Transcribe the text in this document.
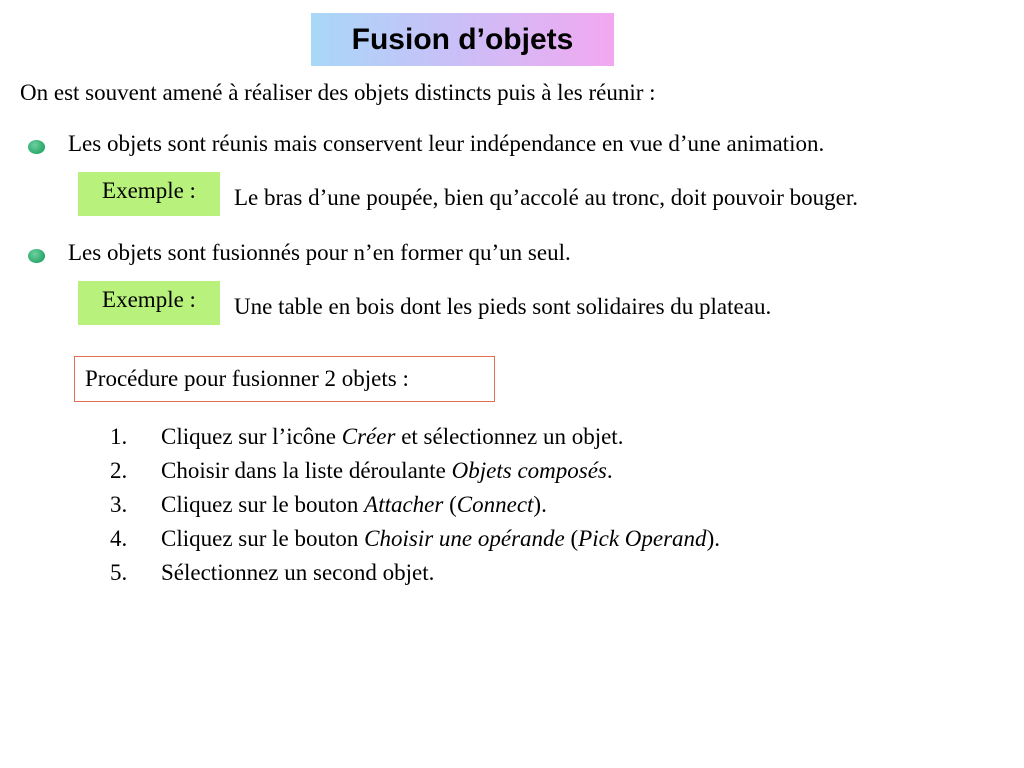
Fusion d’objets
On est souvent amené à réaliser des objets distincts puis à les réunir :
Les objets sont réunis mais conservent leur indépendance en vue d’une animation.
Exemple :	Le bras d’une poupée, bien qu’accolé au tronc, doit pouvoir bouger.
Les objets sont fusionnés pour n’en former qu’un seul.
Exemple :	Une table en bois dont les pieds sont solidaires du plateau.
Procédure pour fusionner 2 objets :
1.	Cliquez sur l’icône Créer et sélectionnez un objet.
2.	Choisir dans la liste déroulante Objets composés.
3.	Cliquez sur le bouton Attacher (Connect).
4.	Cliquez sur le bouton Choisir une opérande (Pick Operand).
5.	Sélectionnez un second objet.
